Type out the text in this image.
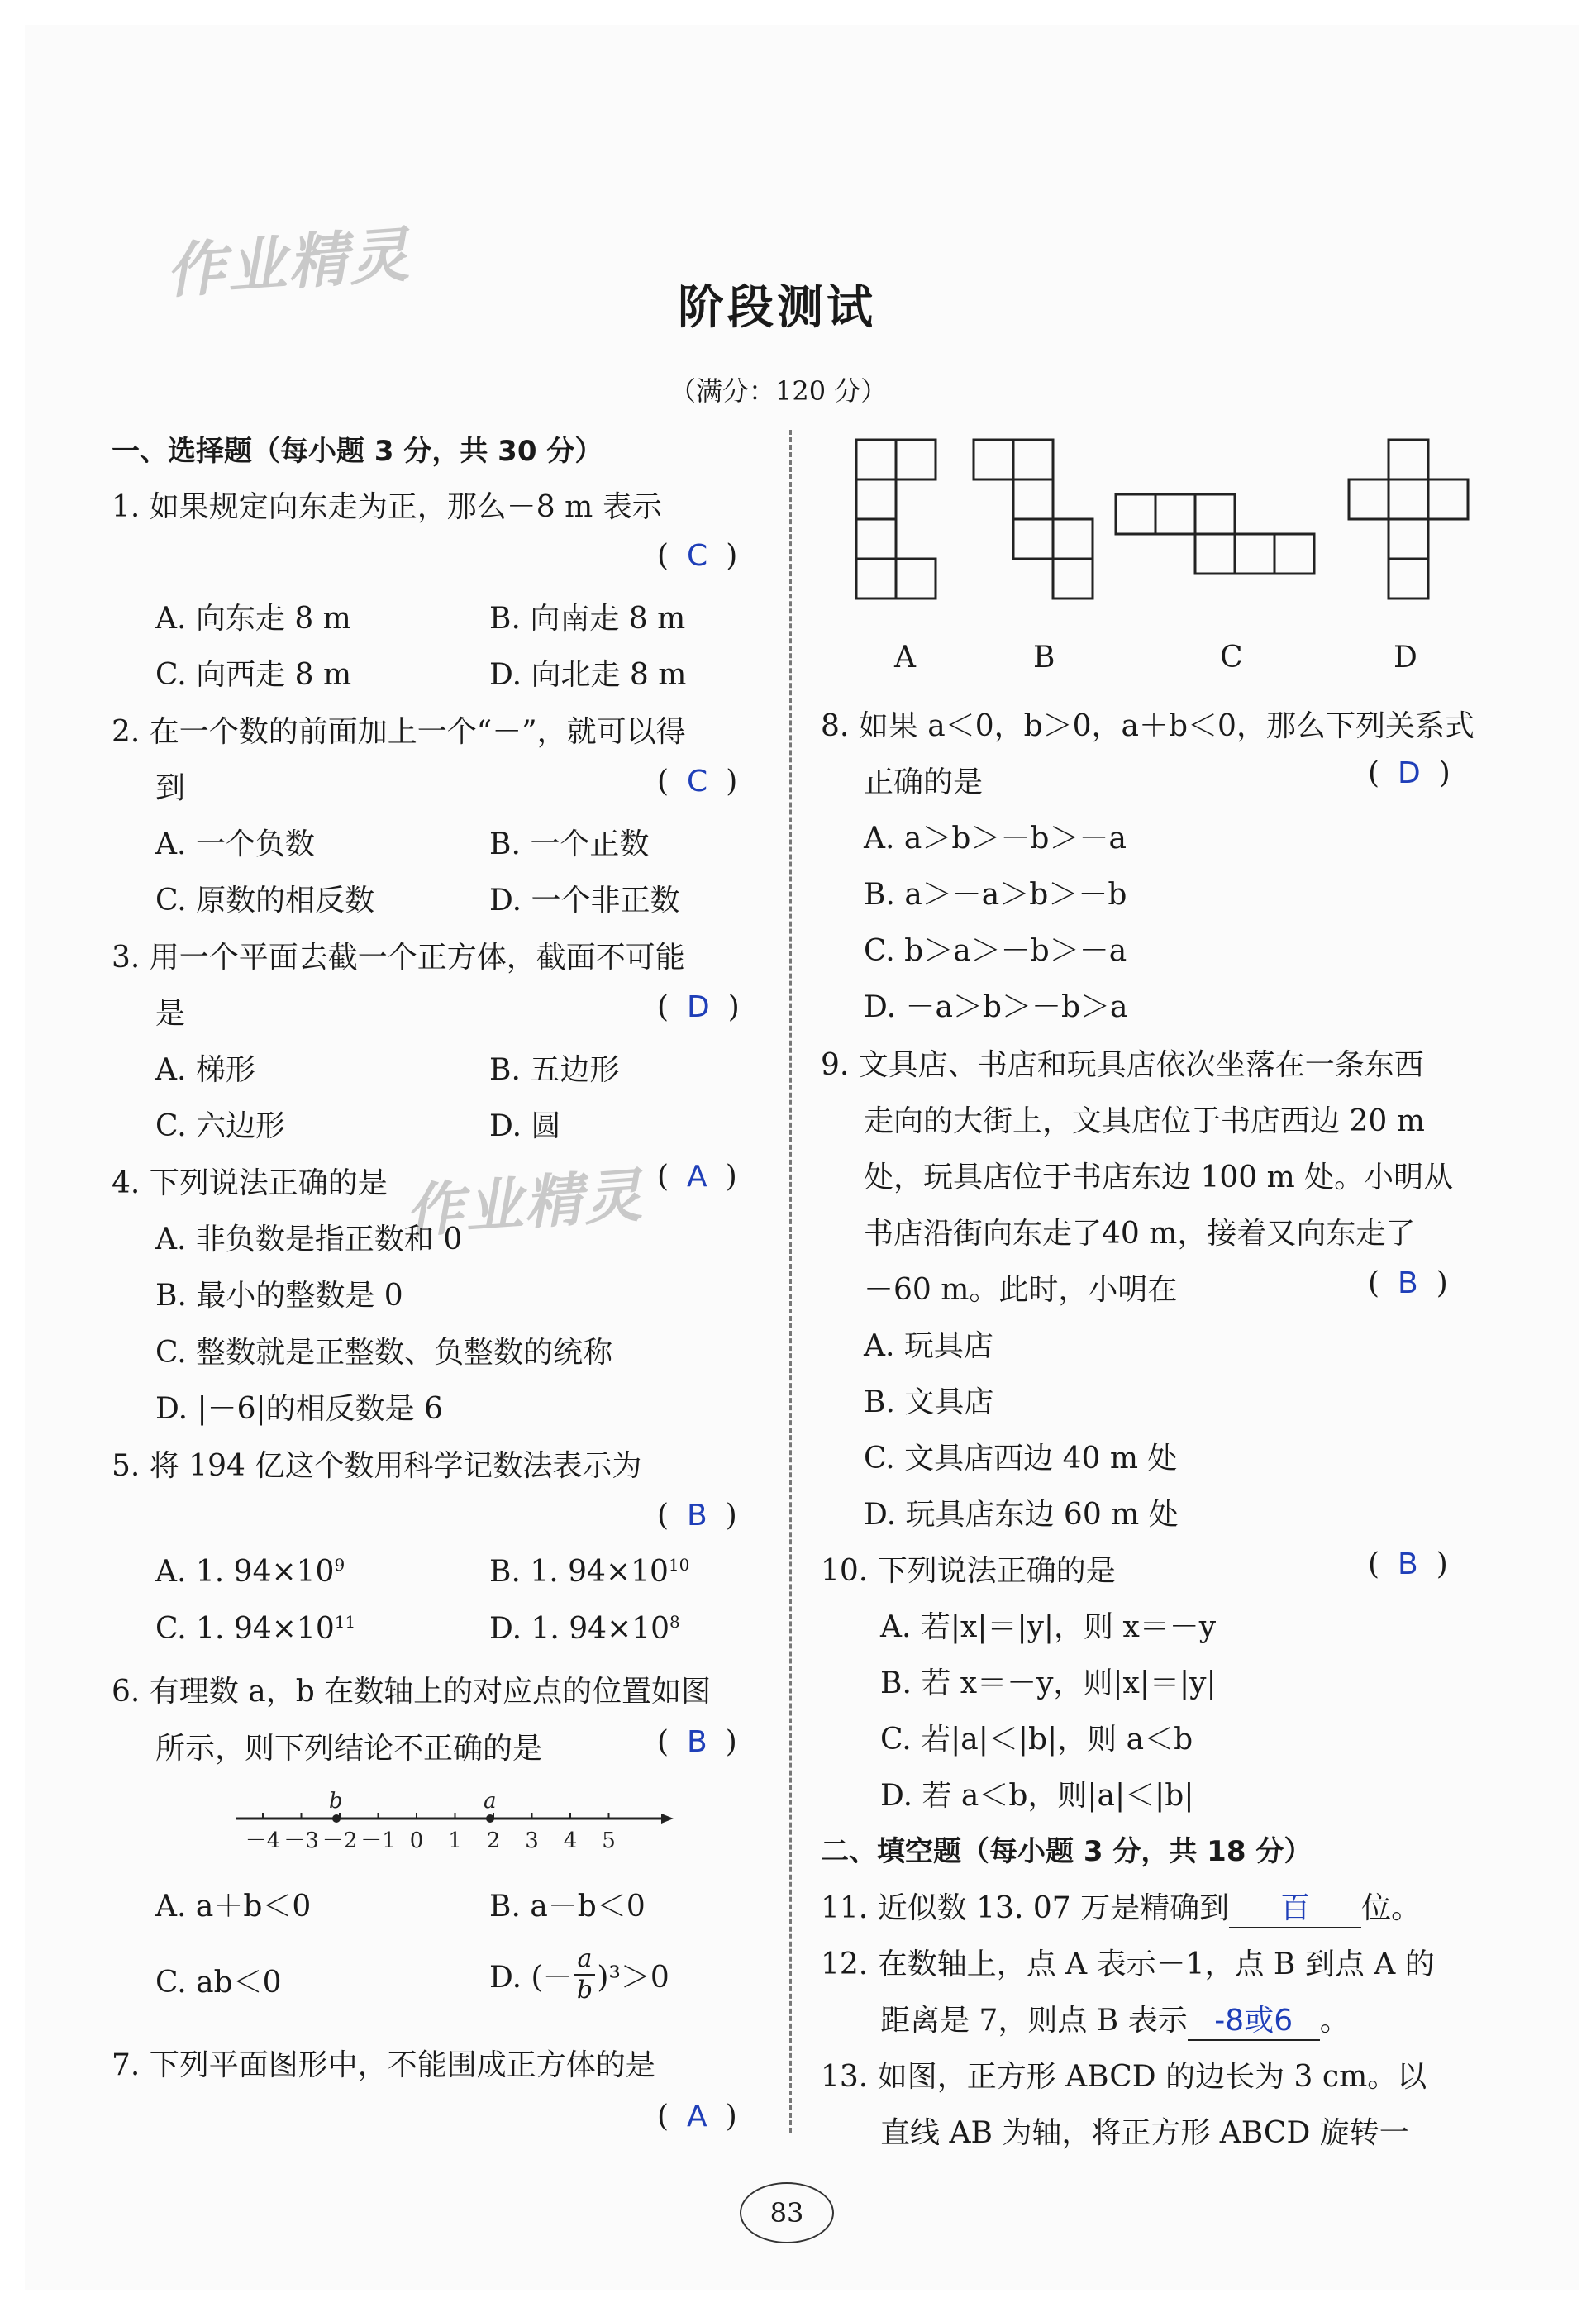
作业精灵
作业精灵
阶段测试
（满分：120 分）
一、选择题（每小题 3 分，共 30 分）
1. 如果规定向东走为正，那么－8 m 表示
( C )
A. 向东走 8 m	B. 向南走 8 m
C. 向西走 8 m	D. 向北走 8 m
2. 在一个数的前面加上一个“－”，就可以得
到	( C )
A. 一个负数	B. 一个正数
C. 原数的相反数	D. 一个非正数
3. 用一个平面去截一个正方体，截面不可能
是	( D )
A. 梯形	B. 五边形
C. 六边形	D. 圆
4. 下列说法正确的是	( A )
A. 非负数是指正数和 0
B. 最小的整数是 0
C. 整数就是正整数、负整数的统称
D. |－6|的相反数是 6
5. 将 194 亿这个数用科学记数法表示为
( B )
A. 1. $94\times 10^9$	B. 1. $94\times 10^{10}$
C. 1. $94\times 10^{11}$	D. 1. $94\times 10^8$
6. 有理数 a，b 在数轴上的对应点的位置如图
所示，则下列结论不正确的是	( B )
－4 －3 －2 －1 0 1 2 3 4 5
b	a
A. a＋b＜0	B. a－b＜0
C. ab＜0	D. (－ $\frac{a}{b} )^3>0$
7. 下列平面图形中，不能围成正方体的是
( A )
A	B	C	D
8. 如果 a＜0，b＞0，a＋b＜0，那么下列关系式
正确的是	( D )
A. a＞b＞－b＞－a
B. a＞－a＞b＞－b
C. b＞a＞－b＞－a
D. －a＞b＞－b＞a
9. 文具店、书店和玩具店依次坐落在一条东西
走向的大街上，文具店位于书店西边 20 m
处，玩具店位于书店东边 100 m 处。小明从
书店沿街向东走了40 m，接着又向东走了
－60 m。此时，小明在	( B )
A. 玩具店
B. 文具店
C. 文具店西边 40 m 处
D. 玩具店东边 60 m 处
10. 下列说法正确的是	( B )
A. 若|x|＝|y|，则 x＝－y
B. 若 x＝－y，则|x|＝|y|
C. 若|a|＜|b|，则 a＜b
D. 若 a＜b，则|a|＜|b|
二、填空题（每小题 3 分，共 18 分）
11. 近似数 13. 07 万是精确到 百 位。
12. 在数轴上，点 A 表示－1，点 B 到点 A 的
距离是 7，则点 B 表示 -8或6 。
13. 如图，正方形 ABCD 的边长为 3 cm。以
直线 AB 为轴，将正方形 ABCD 旋转一
83
